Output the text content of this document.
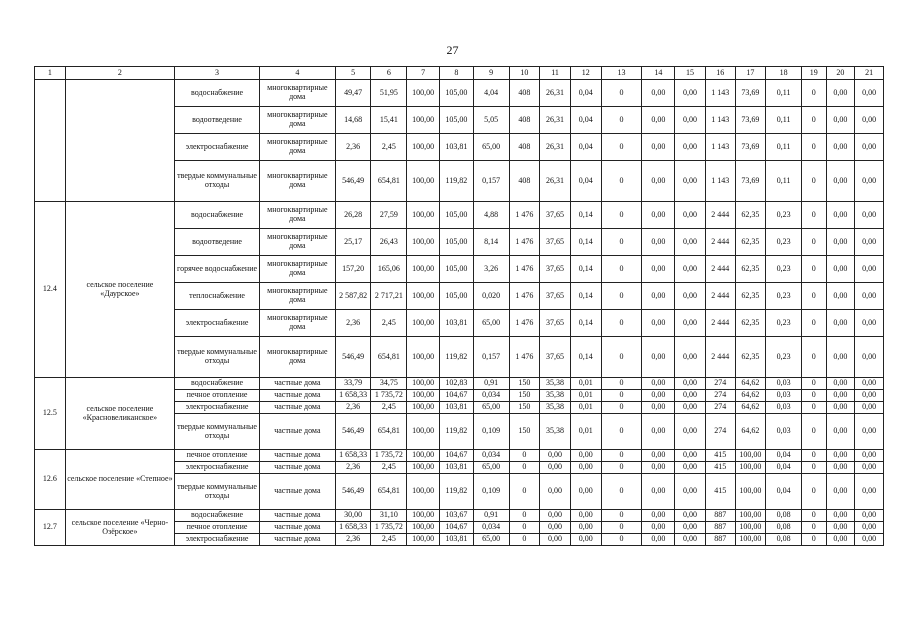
27
1	2	3	4	5	6	7	8	9	10	11	12	13	14	15	16	17	18	19	20	21
		водоснабжение	многоквартирные дома	49,47	51,95	100,00	105,00	4,04	408	26,31	0,04	0	0,00	0,00	1 143	73,69	0,11	0	0,00	0,00
		водоотведение	многоквартирные дома	14,68	15,41	100,00	105,00	5,05	408	26,31	0,04	0	0,00	0,00	1 143	73,69	0,11	0	0,00	0,00
		электроснабжение	многоквартирные дома	2,36	2,45	100,00	103,81	65,00	408	26,31	0,04	0	0,00	0,00	1 143	73,69	0,11	0	0,00	0,00
		твердые коммунальные отходы	многоквартирные дома	546,49	654,81	100,00	119,82	0,157	408	26,31	0,04	0	0,00	0,00	1 143	73,69	0,11	0	0,00	0,00
12.4	сельское поселение «Даурское»	водоснабжение	многоквартирные дома	26,28	27,59	100,00	105,00	4,88	1 476	37,65	0,14	0	0,00	0,00	2 444	62,35	0,23	0	0,00	0,00
		водоотведение	многоквартирные дома	25,17	26,43	100,00	105,00	8,14	1 476	37,65	0,14	0	0,00	0,00	2 444	62,35	0,23	0	0,00	0,00
		горячее водоснабжение	многоквартирные дома	157,20	165,06	100,00	105,00	3,26	1 476	37,65	0,14	0	0,00	0,00	2 444	62,35	0,23	0	0,00	0,00
		теплоснабжение	многоквартирные дома	2 587,82	2 717,21	100,00	105,00	0,020	1 476	37,65	0,14	0	0,00	0,00	2 444	62,35	0,23	0	0,00	0,00
		электроснабжение	многоквартирные дома	2,36	2,45	100,00	103,81	65,00	1 476	37,65	0,14	0	0,00	0,00	2 444	62,35	0,23	0	0,00	0,00
		твердые коммунальные отходы	многоквартирные дома	546,49	654,81	100,00	119,82	0,157	1 476	37,65	0,14	0	0,00	0,00	2 444	62,35	0,23	0	0,00	0,00
12.5	сельское поселение «Красновеликанское»	водоснабжение	частные дома	33,79	34,75	100,00	102,83	0,91	150	35,38	0,01	0	0,00	0,00	274	64,62	0,03	0	0,00	0,00
		печное отопление	частные дома	1 658,33	1 735,72	100,00	104,67	0,034	150	35,38	0,01	0	0,00	0,00	274	64,62	0,03	0	0,00	0,00
		электроснабжение	частные дома	2,36	2,45	100,00	103,81	65,00	150	35,38	0,01	0	0,00	0,00	274	64,62	0,03	0	0,00	0,00
		твердые коммунальные отходы	частные дома	546,49	654,81	100,00	119,82	0,109	150	35,38	0,01	0	0,00	0,00	274	64,62	0,03	0	0,00	0,00
12.6	сельское поселение «Степное»	печное отопление	частные дома	1 658,33	1 735,72	100,00	104,67	0,034	0	0,00	0,00	0	0,00	0,00	415	100,00	0,04	0	0,00	0,00
		электроснабжение	частные дома	2,36	2,45	100,00	103,81	65,00	0	0,00	0,00	0	0,00	0,00	415	100,00	0,04	0	0,00	0,00
		твердые коммунальные отходы	частные дома	546,49	654,81	100,00	119,82	0,109	0	0,00	0,00	0	0,00	0,00	415	100,00	0,04	0	0,00	0,00
12.7	сельское поселение «Черно-Озёрское»	водоснабжение	частные дома	30,00	31,10	100,00	103,67	0,91	0	0,00	0,00	0	0,00	0,00	887	100,00	0,08	0	0,00	0,00
		печное отопление	частные дома	1 658,33	1 735,72	100,00	104,67	0,034	0	0,00	0,00	0	0,00	0,00	887	100,00	0,08	0	0,00	0,00
		электроснабжение	частные дома	2,36	2,45	100,00	103,81	65,00	0	0,00	0,00	0	0,00	0,00	887	100,00	0,08	0	0,00	0,00
